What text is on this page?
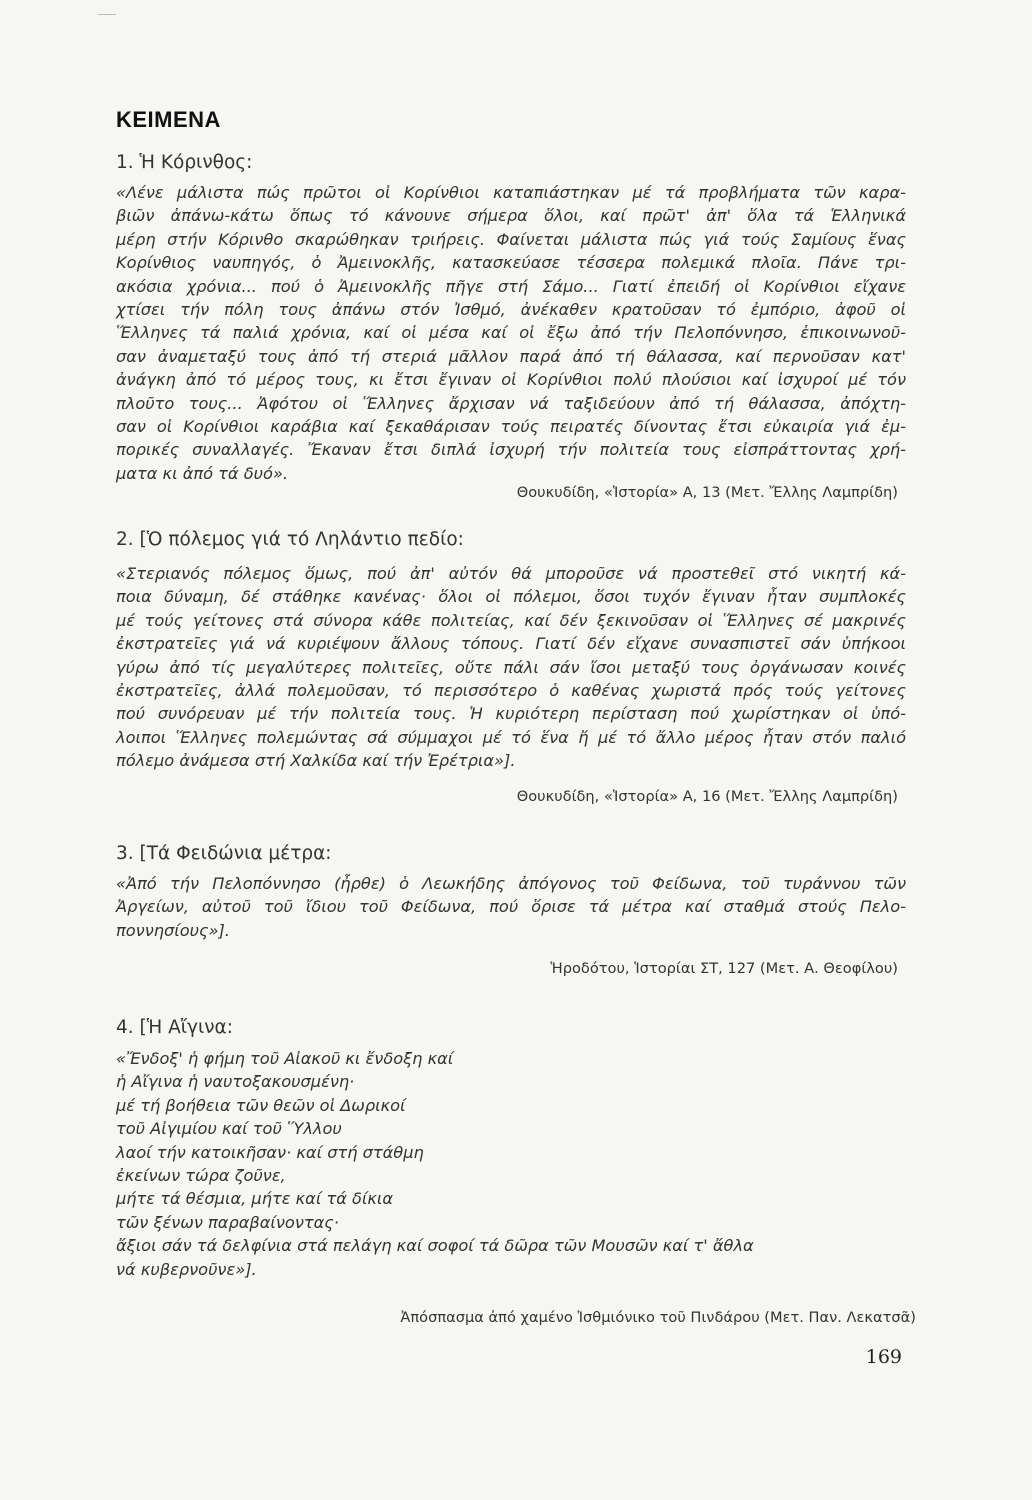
ΚΕΙΜΕΝΑ
1. Ἡ Κόρινθος:

«Λένε μάλιστα πώς πρῶτοι οἱ Κορίνθιοι καταπιάστηκαν μέ τά προβλήματα τῶν καρα-
βιῶν ἀπάνω-κάτω ὅπως τό κάνουνε σήμερα ὅλοι, καί πρῶτ' ἀπ' ὅλα τά Ἑλληνικά
μέρη στήν Κόρινθο σκαρώθηκαν τριήρεις. Φαίνεται μάλιστα πώς γιά τούς Σαμίους ἕνας
Κορίνθιος ναυπηγός, ὁ Ἀμεινοκλῆς, κατασκεύασε τέσσερα πολεμικά πλοῖα. Πάνε τρι-
ακόσια χρόνια... πού ὁ Ἀμεινοκλῆς πῆγε στή Σάμο... Γιατί ἐπειδή οἱ Κορίνθιοι εἴχανε
χτίσει τήν πόλη τους ἀπάνω στόν Ἰσθμό, ἀνέκαθεν κρατοῦσαν τό ἐμπόριο, ἀφοῦ οἱ
Ἕλληνες τά παλιά χρόνια, καί οἱ μέσα καί οἱ ἔξω ἀπό τήν Πελοπόννησο, ἐπικοινωνοῦ-
σαν ἀναμεταξύ τους ἀπό τή στεριά μᾶλλον παρά ἀπό τή θάλασσα, καί περνοῦσαν κατ'
ἀνάγκη ἀπό τό μέρος τους, κι ἔτσι ἔγιναν οἱ Κορίνθιοι πολύ πλούσιοι καί ἰσχυροί μέ τόν
πλοῦτο τους... Ἀφότου οἱ Ἕλληνες ἄρχισαν νά ταξιδεύουν ἀπό τή θάλασσα, ἀπόχτη-
σαν οἱ Κορίνθιοι καράβια καί ξεκαθάρισαν τούς πειρατές δίνοντας ἔτσι εὐκαιρία γιά ἐμ-
πορικές συναλλαγές. Ἔκαναν ἔτσι διπλά ἰσχυρή τήν πολιτεία τους εἰσπράττοντας χρή-
ματα κι ἀπό τά δυό».

Θουκυδίδη, «Ἱστορία» Α, 13 (Μετ. Ἔλλης Λαμπρίδη)
2. [Ὁ πόλεμος γιά τό Ληλάντιο πεδίο:

«Στεριανός πόλεμος ὅμως, πού ἀπ' αὐτόν θά μποροῦσε νά προστεθεῖ στό νικητή κά-
ποια δύναμη, δέ στάθηκε κανένας· ὅλοι οἱ πόλεμοι, ὅσοι τυχόν ἔγιναν ἦταν συμπλοκές
μέ τούς γείτονες στά σύνορα κάθε πολιτείας, καί δέν ξεκινοῦσαν οἱ Ἕλληνες σέ μακρινές
ἐκστρατεῖες γιά νά κυριέψουν ἄλλους τόπους. Γιατί δέν εἴχανε συνασπιστεῖ σάν ὑπήκοοι
γύρω ἀπό τίς μεγαλύτερες πολιτεῖες, οὔτε πάλι σάν ἴσοι μεταξύ τους ὀργάνωσαν κοινές
ἐκστρατεῖες, ἀλλά πολεμοῦσαν, τό περισσότερο ὁ καθένας χωριστά πρός τούς γείτονες
πού συνόρευαν μέ τήν πολιτεία τους. Ἡ κυριότερη περίσταση πού χωρίστηκαν οἱ ὑπό-
λοιποι Ἕλληνες πολεμώντας σά σύμμαχοι μέ τό ἕνα ἤ μέ τό ἄλλο μέρος ἦταν στόν παλιό
πόλεμο ἀνάμεσα στή Χαλκίδα καί τήν Ἐρέτρια»].

Θουκυδίδη, «Ἱστορία» Α, 16 (Μετ. Ἔλλης Λαμπρίδη)
3. [Τά Φειδώνια μέτρα:

«Ἀπό τήν Πελοπόννησο (ἦρθε) ὁ Λεωκήδης ἀπόγονος τοῦ Φείδωνα, τοῦ τυράννου τῶν
Ἀργείων, αὐτοῦ τοῦ ἴδιου τοῦ Φείδωνα, πού ὅρισε τά μέτρα καί σταθμά στούς Πελο-
ποννησίους»].

Ἡροδότου, Ἱστορίαι ΣΤ, 127 (Μετ. Α. Θεοφίλου)
4. [Ἡ Αἴγινα:
«Ἔνδοξ' ἡ φήμη τοῦ Αἰακοῦ κι ἔνδοξη καί
ἡ Αἴγινα ἡ ναυτοξακουσμένη·
μέ τή βοήθεια τῶν θεῶν οἱ Δωρικοί
τοῦ Αἰγιμίου καί τοῦ Ὕλλου
λαοί τήν κατοικῆσαν· καί στή στάθμη
ἐκείνων τώρα ζοῦνε,
μήτε τά θέσμια, μήτε καί τά δίκια
τῶν ξένων παραβαίνοντας·
ἄξιοι σάν τά δελφίνια στά πελάγη καί σοφοί τά δῶρα τῶν Μουσῶν καί τ' ἄθλα
νά κυβερνοῦνε»].
Ἀπόσπασμα ἀπό χαμένο Ἰσθμιόνικο τοῦ Πινδάρου (Μετ. Παν. Λεκατσᾶ)
169
